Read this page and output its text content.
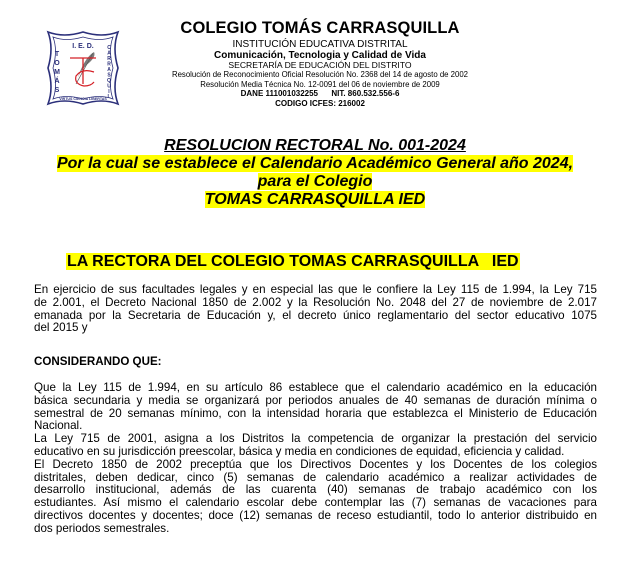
I. E. D.
T
O
M
Á
S
C
A
R
R
A
S
Q
U
I
L
VIRTUS CIENCIA LIBERTAS
COLEGIO TOMÁS CARRASQUILLA
INSTITUCIÓN EDUCATIVA DISTRITAL
Comunicación, Tecnologia y Calidad de Vida
SECRETARÍA DE EDUCACIÓN DEL DISTRITO
Resolución de Reconocimiento Oficial Resolución No. 2368 del 14 de agosto de 2002
Resolución Media Técnica No. 12-0091 del 06 de noviembre de 2009
DANE 111001032255      NIT. 860.532.556-6
CODIGO ICFES: 216002
RESOLUCION RECTORAL No. 001-2024
Por la cual se establece el Calendario Académico General año 2024,
para el Colegio
TOMAS CARRASQUILLA IED
LA RECTORA DEL COLEGIO TOMAS CARRASQUILLA   IED
En ejercicio de sus facultades legales y en especial las que le confiere la Ley 115 de 1.994, la Ley 715
de 2.001, el Decreto Nacional 1850 de 2.002 y la Resolución No. 2048 del 27 de noviembre de 2.017
emanada por la Secretaria de Educación y, el decreto único reglamentario del sector educativo 1075
del 2015 y
CONSIDERANDO QUE:
Que la Ley 115 de 1.994, en su artículo 86 establece que el calendario académico en la educación
básica secundaria y media se organizará por periodos anuales de 40 semanas de duración mínima o
semestral de 20 semanas mínimo, con la intensidad horaria que establezca el Ministerio de Educación
Nacional.
La Ley 715 de 2001, asigna a los Distritos la competencia de organizar la prestación del servicio
educativo en su jurisdicción preescolar, básica y media en condiciones de equidad, eficiencia y calidad.
El Decreto 1850 de 2002 preceptúa que los Directivos Docentes y los Docentes de los colegios
distritales, deben dedicar, cinco (5) semanas de calendario académico a realizar actividades de
desarrollo institucional, además de las cuarenta (40) semanas de trabajo académico con los
estudiantes. Así mismo el calendario escolar debe contemplar las (7) semanas de vacaciones para
directivos docentes y docentes; doce (12) semanas de receso estudiantil, todo lo anterior distribuido en
dos periodos semestrales.
